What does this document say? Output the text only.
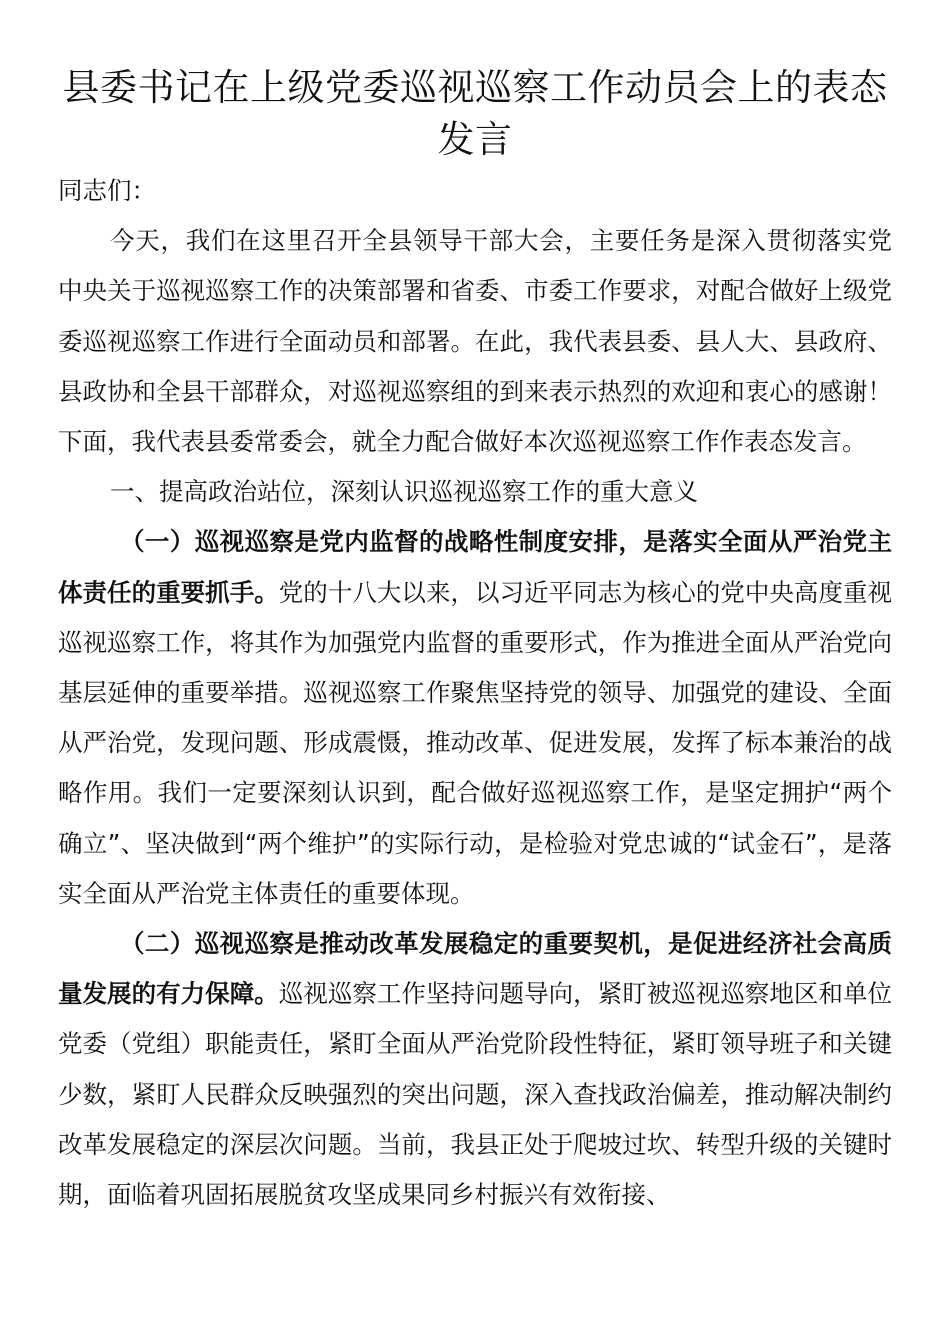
县委书记在上级党委巡视巡察工作动员会上的表态发言

同志们：

今天，我们在这里召开全县领导干部大会，主要任务是深入贯彻落实党中央关于巡视巡察工作的决策部署和省委、市委工作要求，对配合做好上级党委巡视巡察工作进行全面动员和部署。在此，我代表县委、县人大、县政府、县政协和全县干部群众，对巡视巡察组的到来表示热烈的欢迎和衷心的感谢！下面，我代表县委常委会，就全力配合做好本次巡视巡察工作作表态发言。

一、提高政治站位，深刻认识巡视巡察工作的重大意义

（一）巡视巡察是党内监督的战略性制度安排，是落实全面从严治党主体责任的重要抓手。党的十八大以来，以习近平同志为核心的党中央高度重视巡视巡察工作，将其作为加强党内监督的重要形式，作为推进全面从严治党向基层延伸的重要举措。巡视巡察工作聚焦坚持党的领导、加强党的建设、全面从严治党，发现问题、形成震慑，推动改革、促进发展，发挥了标本兼治的战略作用。我们一定要深刻认识到，配合做好巡视巡察工作，是坚定拥护“两个确立”、坚决做到“两个维护”的实际行动，是检验对党忠诚的“试金石”，是落实全面从严治党主体责任的重要体现。

（二）巡视巡察是推动改革发展稳定的重要契机，是促进经济社会高质量发展的有力保障。巡视巡察工作坚持问题导向，紧盯被巡视巡察地区和单位党委（党组）职能责任，紧盯全面从严治党阶段性特征，紧盯领导班子和关键少数，紧盯人民群众反映强烈的突出问题，深入查找政治偏差，推动解决制约改革发展稳定的深层次问题。当前，我县正处于爬坡过坎、转型升级的关键时期，面临着巩固拓展脱贫攻坚成果同乡村振兴有效衔接、
